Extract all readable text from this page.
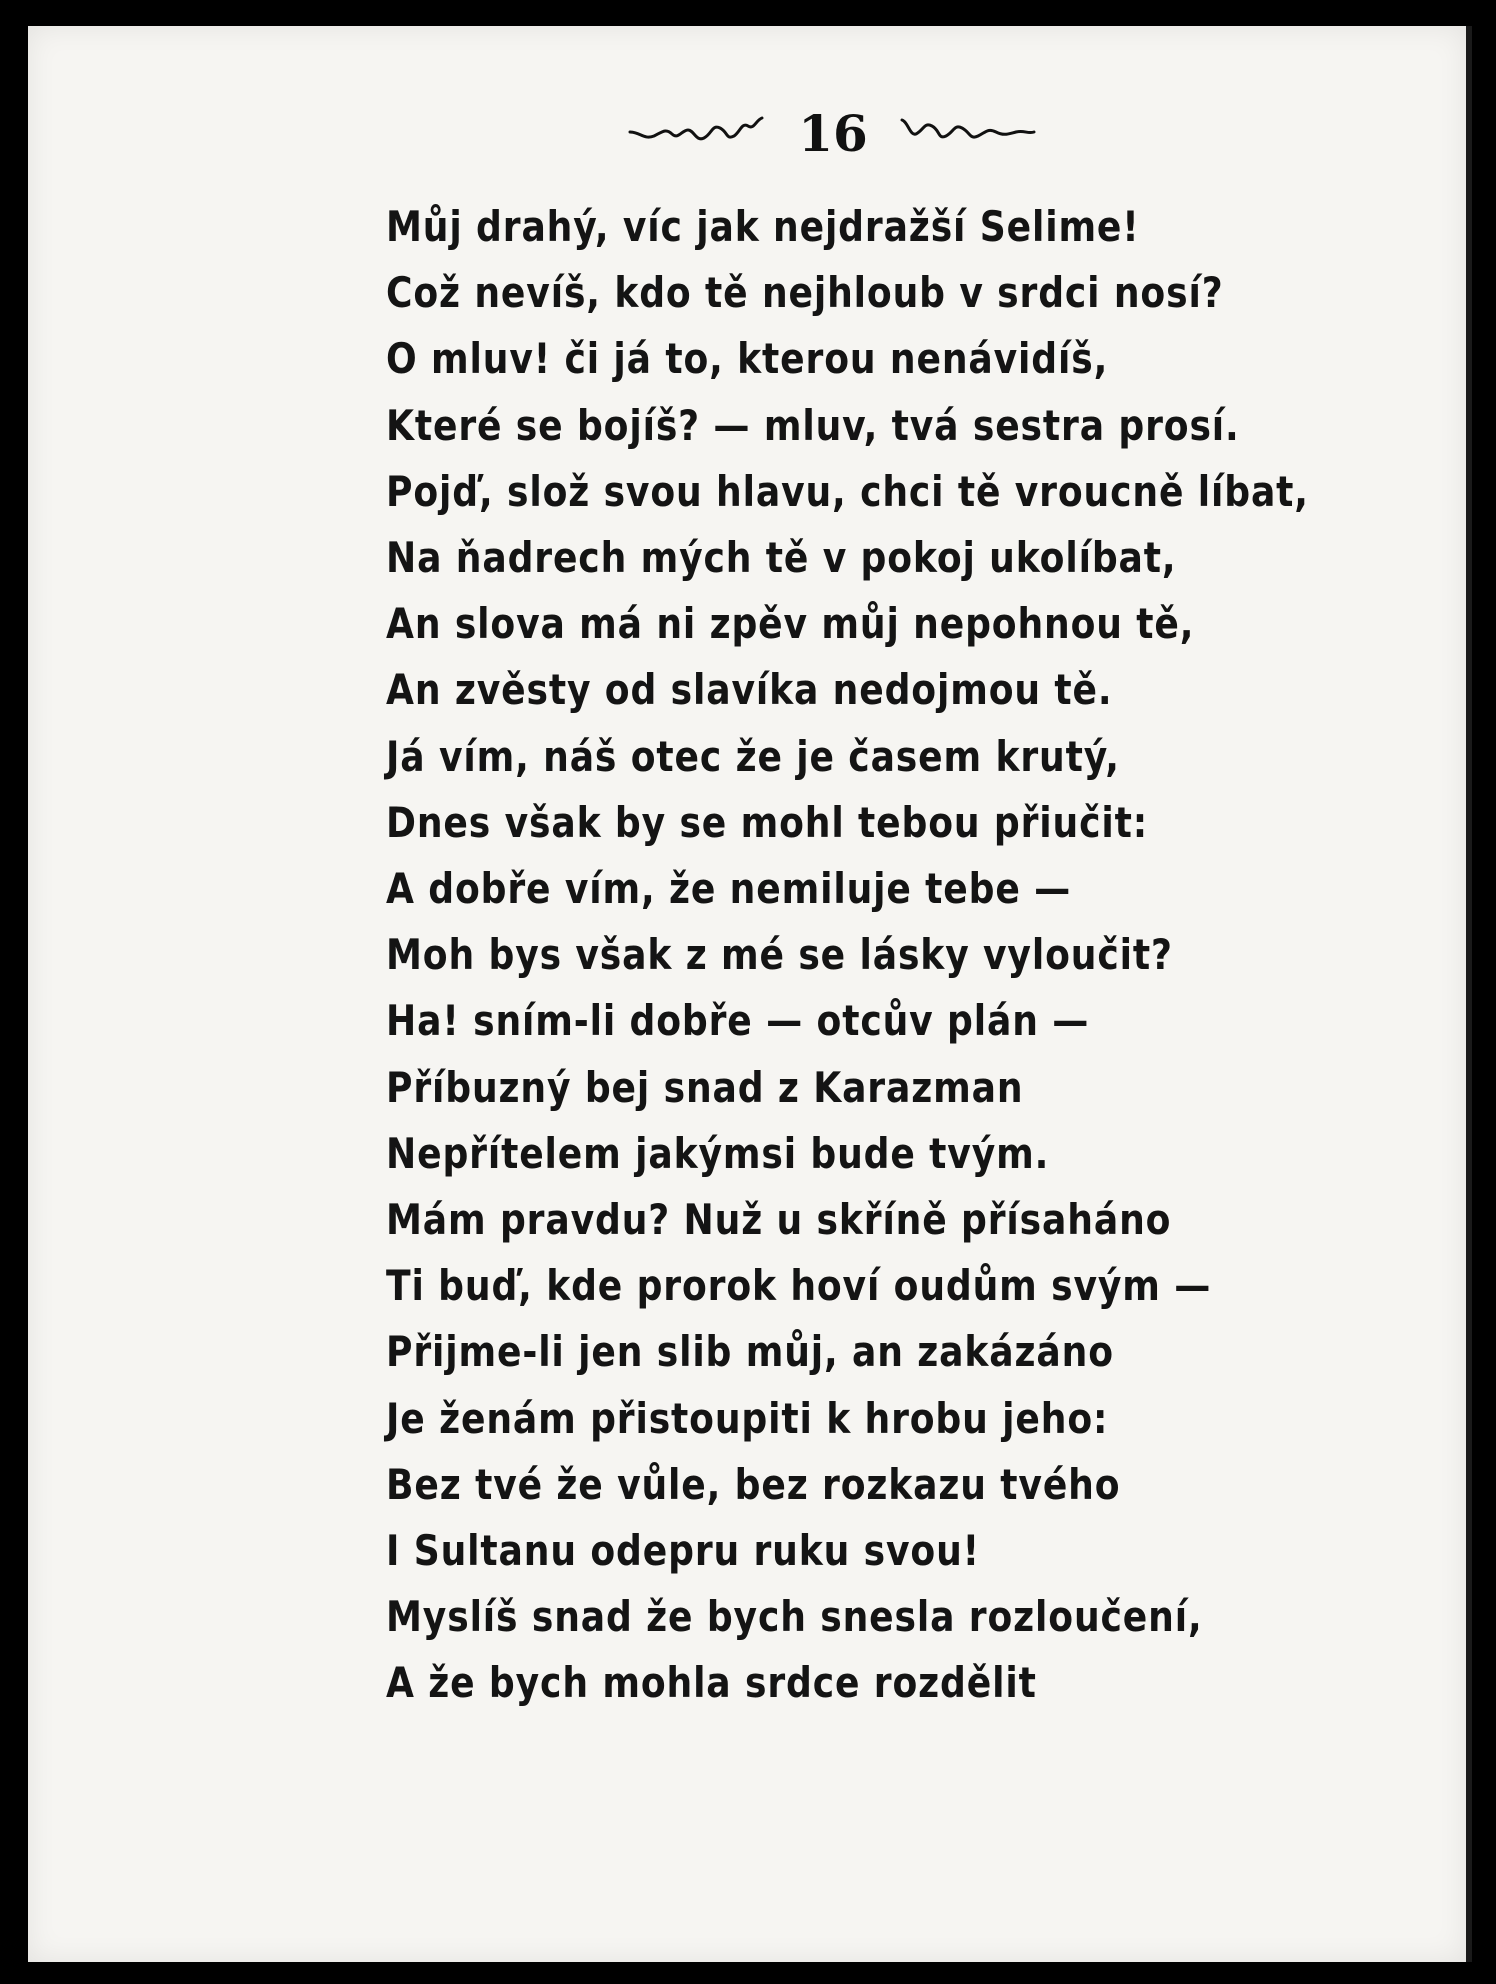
16
Můj drahý, víc jak nejdražší Selime!
Což nevíš, kdo tě nejhloub v srdci nosí?
O mluv! či já to, kterou nenávidíš,
Které se bojíš? — mluv, tvá sestra prosí.
Pojď, slož svou hlavu, chci tě vroucně líbat,
Na ňadrech mých tě v pokoj ukolíbat,
An slova má ni zpěv můj nepohnou tě,
An zvěsty od slavíka nedojmou tě.
Já vím, náš otec že je časem krutý,
Dnes však by se mohl tebou přiučit:
A dobře vím, že nemiluje tebe —
Moh bys však z mé se lásky vyloučit?
Ha! sním-li dobře — otcův plán —
Příbuzný bej snad z Karazman
Nepřítelem jakýmsi bude tvým.
Mám pravdu? Nuž u skříně přísaháno
Ti buď, kde prorok hoví oudům svým —
Přijme-li jen slib můj, an zakázáno
Je ženám přistoupiti k hrobu jeho:
Bez tvé že vůle, bez rozkazu tvého
I Sultanu odepru ruku svou!
Myslíš snad že bych snesla rozloučení,
A že bych mohla srdce rozdělit
